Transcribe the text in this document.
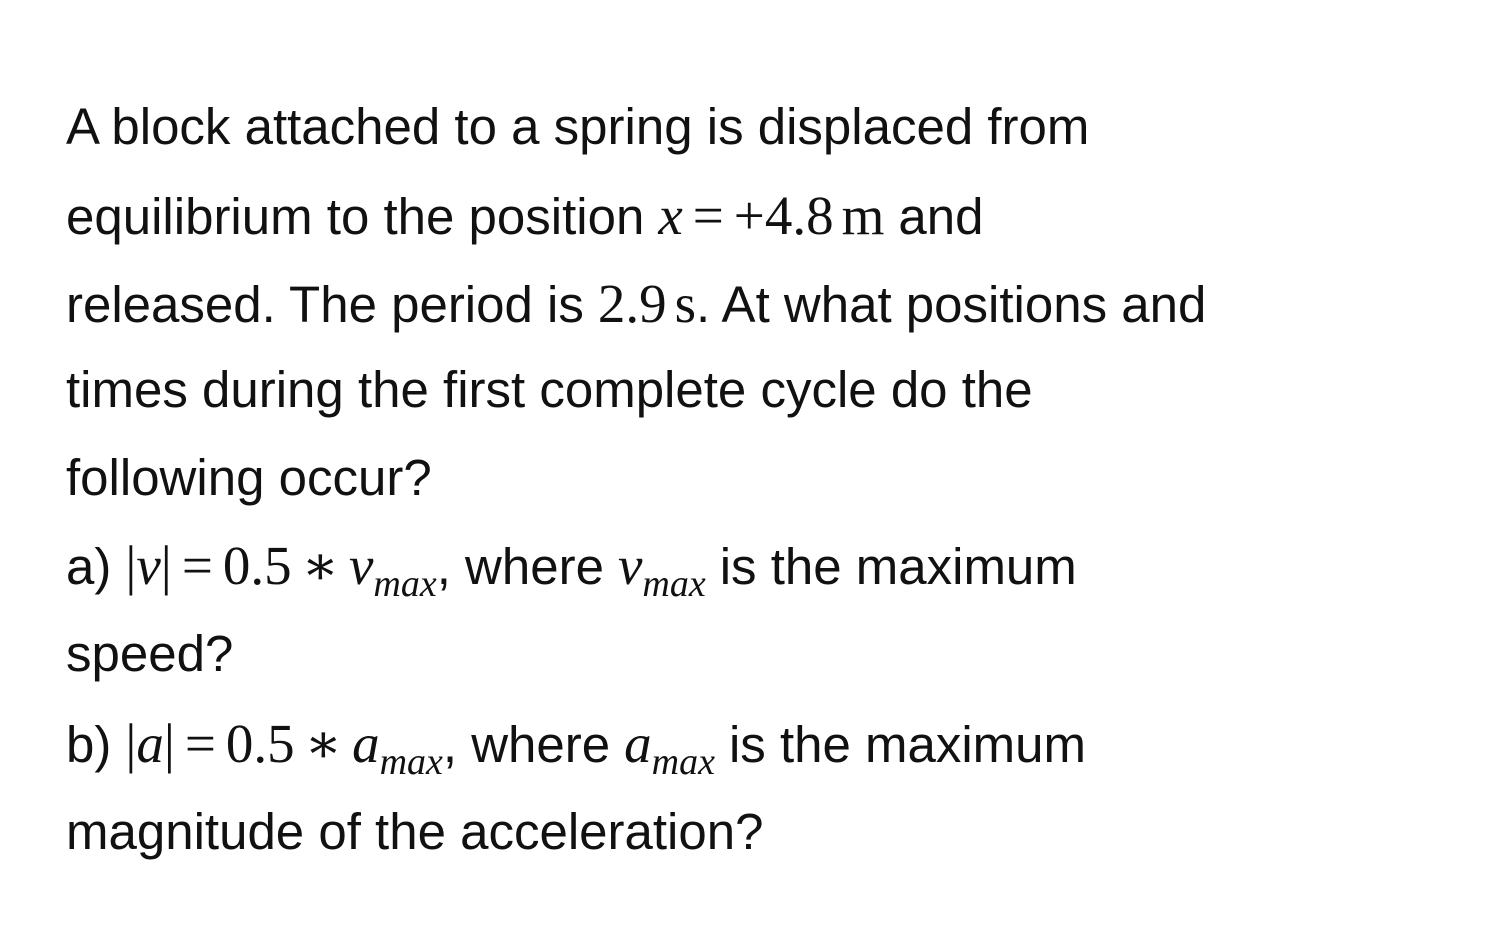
A block attached to a spring is displaced from
equilibrium to the position x = +4.8 m and
released. The period is 2.9 s. At what positions and
times during the first complete cycle do the
following occur?
a) |v| = 0.5 ∗ $v_{max}$, where $v_{max}$ is the maximum
speed?
b) |a| = 0.5 ∗ $a_{max}$, where $a_{max}$ is the maximum
magnitude of the acceleration?
